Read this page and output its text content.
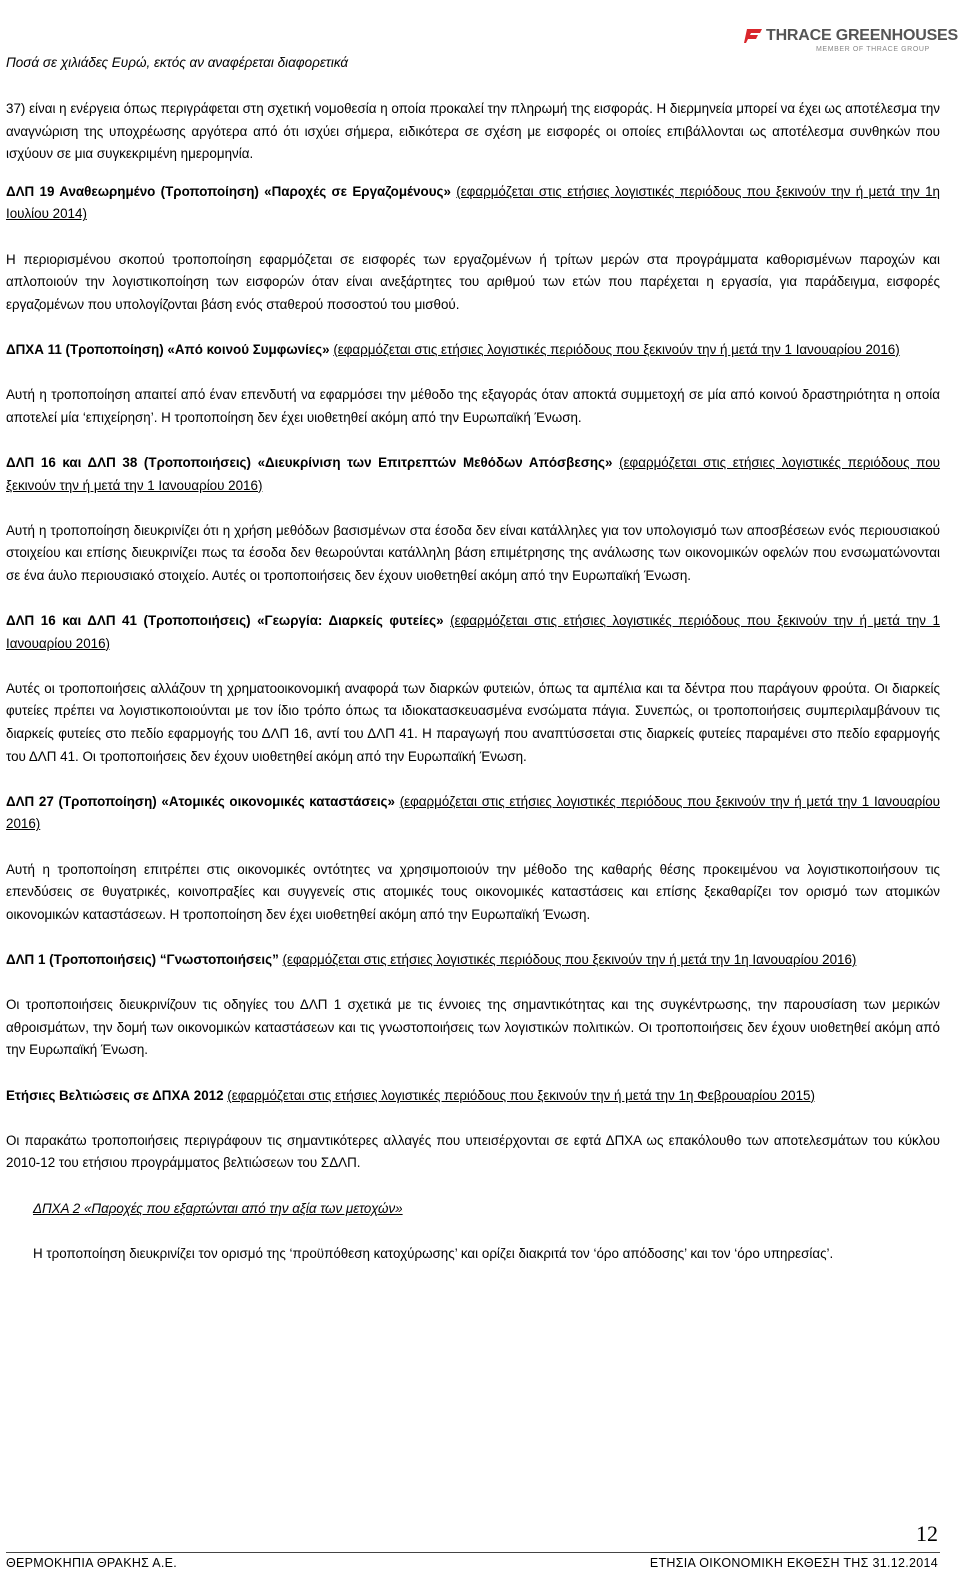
Ποσά σε χιλιάδες Ευρώ, εκτός αν αναφέρεται διαφορετικά
THRACE GREENHOUSES
MEMBER OF THRACE GROUP

37) είναι η ενέργεια όπως περιγράφεται στη σχετική νομοθεσία η οποία προκαλεί την πληρωμή της εισφοράς. Η διερμηνεία μπορεί να έχει ως αποτέλεσμα την αναγνώριση της υποχρέωσης αργότερα από ότι ισχύει σήμερα, ειδικότερα σε σχέση με εισφορές οι οποίες επιβάλλονται ως αποτέλεσμα συνθηκών που ισχύουν σε μια συγκεκριμένη ημερομηνία.

ΔΛΠ 19 Αναθεωρημένο (Τροποποίηση) «Παροχές σε Εργαζομένους» (εφαρμόζεται στις ετήσιες λογιστικές περιόδους που ξεκινούν την ή μετά την 1η Ιουλίου 2014)

Η περιορισμένου σκοπού τροποποίηση εφαρμόζεται σε εισφορές των εργαζομένων ή τρίτων μερών στα προγράμματα καθορισμένων παροχών και απλοποιούν την λογιστικοποίηση των εισφορών όταν είναι ανεξάρτητες του αριθμού των ετών που παρέχεται η εργασία, για παράδειγμα, εισφορές εργαζομένων που υπολογίζονται βάση ενός σταθερού ποσοστού του μισθού.

ΔΠΧΑ 11 (Τροποποίηση) «Από κοινού Συμφωνίες» (εφαρμόζεται στις ετήσιες λογιστικές περιόδους που ξεκινούν την ή μετά την 1 Ιανουαρίου 2016)

Αυτή η τροποποίηση απαιτεί από έναν επενδυτή να εφαρμόσει την μέθοδο της εξαγοράς όταν αποκτά συμμετοχή σε μία από κοινού δραστηριότητα η οποία αποτελεί μία ‘επιχείρηση’. Η τροποποίηση δεν έχει υιοθετηθεί ακόμη από την Ευρωπαϊκή Ένωση.

ΔΛΠ 16 και ΔΛΠ 38 (Τροποποιήσεις) «Διευκρίνιση των Επιτρεπτών Μεθόδων Απόσβεσης» (εφαρμόζεται στις ετήσιες λογιστικές περιόδους που ξεκινούν την ή μετά την 1 Ιανουαρίου 2016)

Αυτή η τροποποίηση διευκρινίζει ότι η χρήση μεθόδων βασισμένων στα έσοδα δεν είναι κατάλληλες για τον υπολογισμό των αποσβέσεων ενός περιουσιακού στοιχείου και επίσης διευκρινίζει πως τα έσοδα δεν θεωρούνται κατάλληλη βάση επιμέτρησης της ανάλωσης των οικονομικών οφελών που ενσωματώνονται σε ένα άυλο περιουσιακό στοιχείο. Αυτές οι τροποποιήσεις δεν έχουν υιοθετηθεί ακόμη από την Ευρωπαϊκή Ένωση.

ΔΛΠ 16 και ΔΛΠ 41 (Τροποποιήσεις) «Γεωργία: Διαρκείς φυτείες» (εφαρμόζεται στις ετήσιες λογιστικές περιόδους που ξεκινούν την ή μετά την 1 Ιανουαρίου 2016)

Αυτές οι τροποποιήσεις αλλάζουν τη χρηματοοικονομική αναφορά των διαρκών φυτειών, όπως τα αμπέλια και τα δέντρα που παράγουν φρούτα. Οι διαρκείς φυτείες πρέπει να λογιστικοποιούνται με τον ίδιο τρόπο όπως τα ιδιοκατασκευασμένα ενσώματα πάγια. Συνεπώς, οι τροποποιήσεις συμπεριλαμβάνουν τις διαρκείς φυτείες στο πεδίο εφαρμογής του ΔΛΠ 16, αντί του ΔΛΠ 41. Η παραγωγή που αναπτύσσεται στις διαρκείς φυτείες παραμένει στο πεδίο εφαρμογής του ΔΛΠ 41. Οι τροποποιήσεις δεν έχουν υιοθετηθεί ακόμη από την Ευρωπαϊκή Ένωση.

ΔΛΠ 27 (Τροποποίηση) «Ατομικές οικονομικές καταστάσεις» (εφαρμόζεται στις ετήσιες λογιστικές περιόδους που ξεκινούν την ή μετά την 1 Ιανουαρίου 2016)

Αυτή η τροποποίηση επιτρέπει στις οικονομικές οντότητες να χρησιμοποιούν την μέθοδο της καθαρής θέσης προκειμένου να λογιστικοποιήσουν τις επενδύσεις σε θυγατρικές, κοινοπραξίες και συγγενείς στις ατομικές τους οικονομικές καταστάσεις και επίσης ξεκαθαρίζει τον ορισμό των ατομικών οικονομικών καταστάσεων. Η τροποποίηση δεν έχει υιοθετηθεί ακόμη από την Ευρωπαϊκή Ένωση.

ΔΛΠ 1 (Τροποποιήσεις) “Γνωστοποιήσεις” (εφαρμόζεται στις ετήσιες λογιστικές περιόδους που ξεκινούν την ή μετά την 1η Ιανουαρίου 2016)

Οι τροποποιήσεις διευκρινίζουν τις οδηγίες του ΔΛΠ 1 σχετικά με τις έννοιες της σημαντικότητας και της συγκέντρωσης, την παρουσίαση των μερικών αθροισμάτων, την δομή των οικονομικών καταστάσεων και τις γνωστοποιήσεις των λογιστικών πολιτικών. Οι τροποποιήσεις δεν έχουν υιοθετηθεί ακόμη από την Ευρωπαϊκή Ένωση.

Ετήσιες Βελτιώσεις σε ΔΠΧΑ 2012 (εφαρμόζεται στις ετήσιες λογιστικές περιόδους που ξεκινούν την ή μετά την 1η Φεβρουαρίου 2015)

Οι παρακάτω τροποποιήσεις περιγράφουν τις σημαντικότερες αλλαγές που υπεισέρχονται σε εφτά ΔΠΧΑ ως επακόλουθο των αποτελεσμάτων του κύκλου 2010-12 του ετήσιου προγράμματος βελτιώσεων του ΣΔΛΠ.

ΔΠΧΑ 2 «Παροχές που εξαρτώνται από την αξία των μετοχών»

Η τροποποίηση διευκρινίζει τον ορισμό της ‘προϋπόθεση κατοχύρωσης’ και ορίζει διακριτά τον ‘όρο απόδοσης’ και τον ‘όρο υπηρεσίας’.

12
ΘΕΡΜΟΚΗΠΙΑ ΘΡΑΚΗΣ Α.Ε.	ΕΤΗΣΙΑ ΟΙΚΟΝΟΜΙΚΗ ΕΚΘΕΣΗ ΤΗΣ 31.12.2014
